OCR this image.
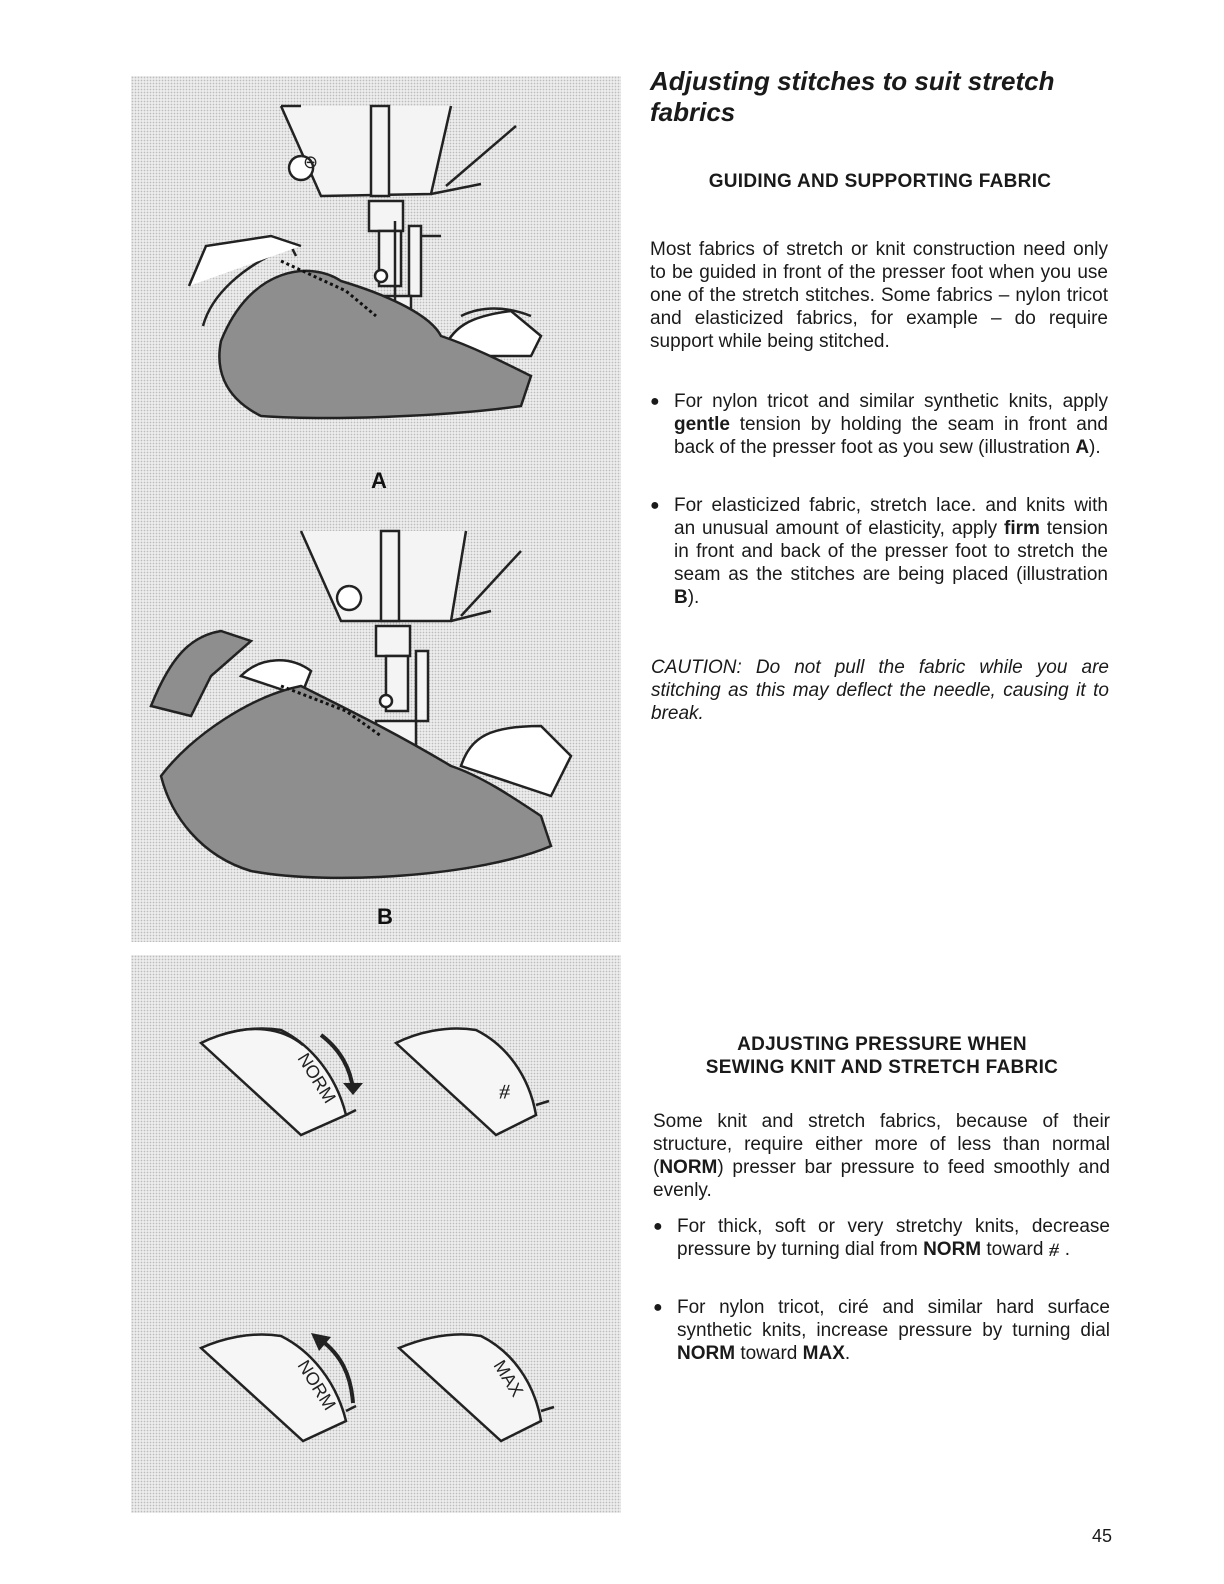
⊖
A
B
NORM	⧣
NORM	MAX
Adjusting stitches to suit stretch fabrics
GUIDING AND SUPPORTING FABRIC
Most fabrics of stretch or knit construction need only to be guided in front of the presser foot when you use one of the stretch stitches. Some fabrics – nylon tricot and elasticized fabrics, for example – do require support while being stitched.
● For nylon tricot and similar synthetic knits, apply gentle tension by holding the seam in front and back of the presser foot as you sew (illustration A).
● For elasticized fabric, stretch lace. and knits with an unusual amount of elasticity, apply firm tension in front and back of the presser foot to stretch the seam as the stitches are being placed (illustration B).
CAUTION: Do not pull the fabric while you are stitching as this may deflect the needle, causing it to break.
ADJUSTING PRESSURE WHEN
SEWING KNIT AND STRETCH FABRIC
Some knit and stretch fabrics, because of their structure, require either more of less than normal (NORM) presser bar pressure to feed smoothly and evenly.
● For thick, soft or very stretchy knits, decrease pressure by turning dial from NORM toward ⧣ .
● For nylon tricot, ciré and similar hard surface synthetic knits, increase pressure by turning dial NORM toward MAX.
45
